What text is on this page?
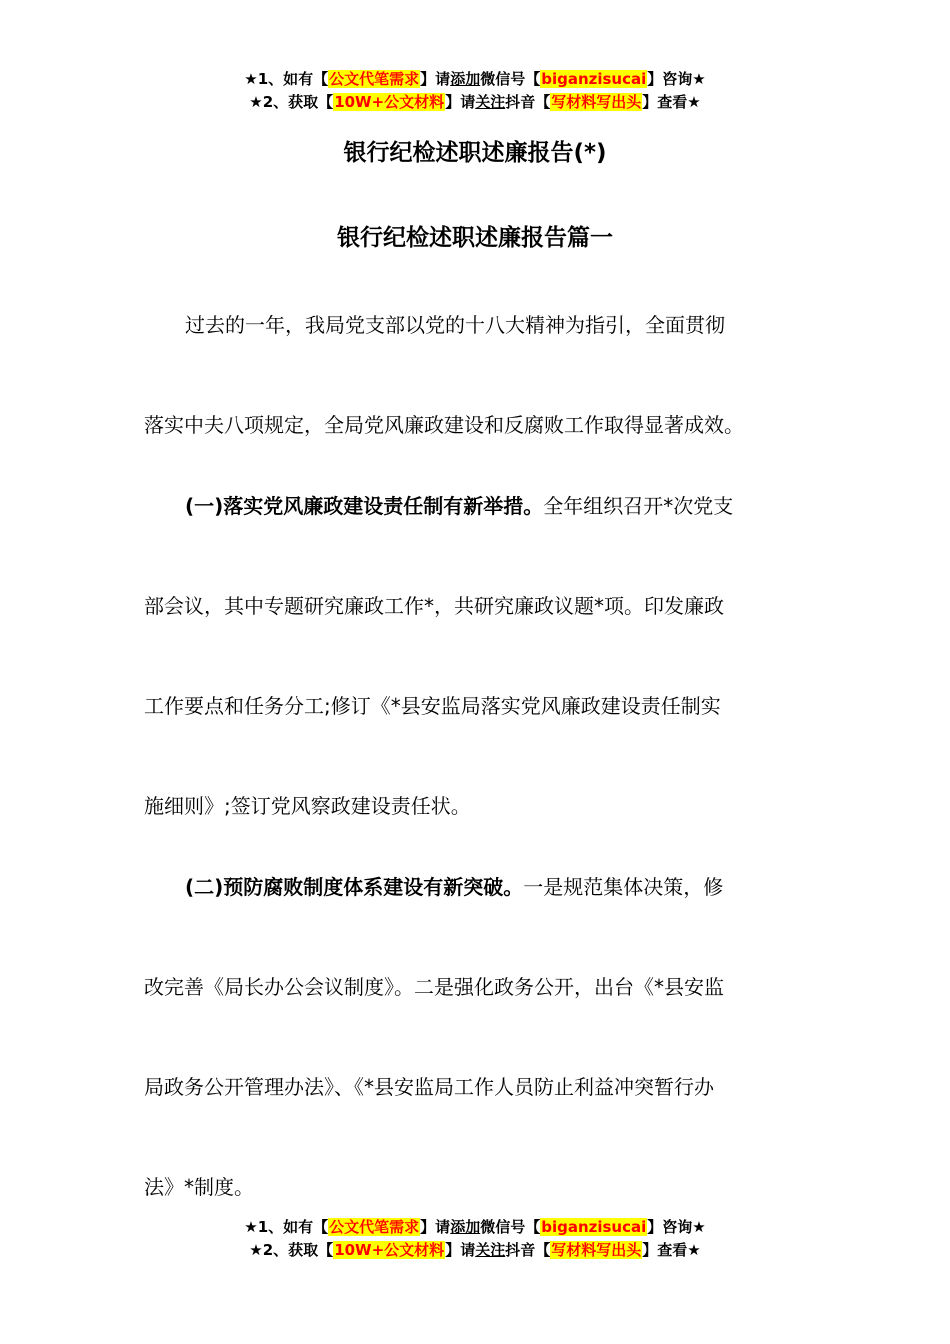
★1、如有【公文代笔需求】请添加微信号【biganzisucai】咨询★
★2、获取【10W+公文材料】请关注抖音【写材料写出头】查看★
银行纪检述职述廉报告(*)
银行纪检述职述廉报告篇一
过去的一年，我局党支部以党的十八大精神为指引，全面贯彻
落实中夫八项规定，全局党风廉政建设和反腐败工作取得显著成效。
(一)落实党风廉政建设责任制有新举措。全年组织召开*次党支
部会议，其中专题研究廉政工作*，共研究廉政议题*项。印发廉政
工作要点和任务分工;修订《*县安监局落实党风廉政建设责任制实
施细则》;签订党风察政建设责任状。
(二)预防腐败制度体系建设有新突破。一是规范集体决策，修
改完善《局长办公会议制度》。二是强化政务公开，出台《*县安监
局政务公开管理办法》、《*县安监局工作人员防止利益冲突暂行办
法》*制度。
★1、如有【公文代笔需求】请添加微信号【biganzisucai】咨询★
★2、获取【10W+公文材料】请关注抖音【写材料写出头】查看★
